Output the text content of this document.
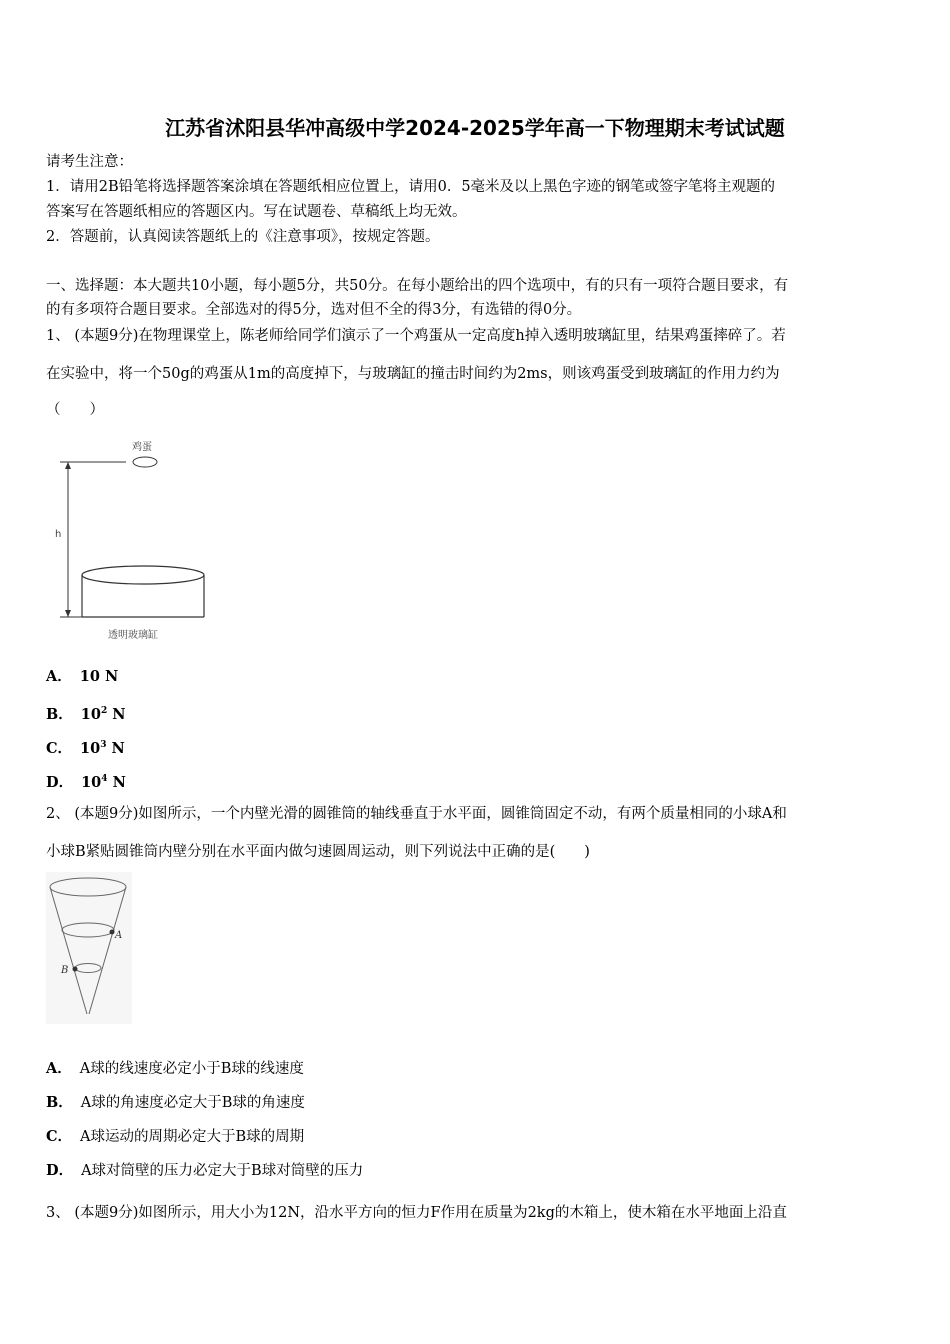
江苏省沭阳县华冲高级中学2024-2025学年高一下物理期末考试试题
请考生注意：
1．请用2B铅笔将选择题答案涂填在答题纸相应位置上，请用0．5毫米及以上黑色字迹的钢笔或签字笔将主观题的
答案写在答题纸相应的答题区内。写在试题卷、草稿纸上均无效。
2．答题前，认真阅读答题纸上的《注意事项》，按规定答题。
一、选择题：本大题共10小题，每小题5分，共50分。在每小题给出的四个选项中，有的只有一项符合题目要求，有
的有多项符合题目要求。全部选对的得5分，选对但不全的得3分，有选错的得0分。
1、 (本题9分)在物理课堂上，陈老师给同学们演示了一个鸡蛋从一定高度h掉入透明玻璃缸里，结果鸡蛋摔碎了。若
在实验中，将一个50g的鸡蛋从1m的高度掉下，与玻璃缸的撞击时间约为2ms，则该鸡蛋受到玻璃缸的作用力约为
（　　）
鸡蛋
h
透明玻璃缸
A． 10 N
B． $10^2$ N
C． $10^3$ N
D． $10^4$ N
2、 (本题9分)如图所示，一个内壁光滑的圆锥筒的轴线垂直于水平面，圆锥筒固定不动，有两个质量相同的小球A和
小球B紧贴圆锥筒内壁分别在水平面内做匀速圆周运动，则下列说法中正确的是(　　)
A
B
A． A球的线速度必定小于B球的线速度
B． A球的角速度必定大于B球的角速度
C． A球运动的周期必定大于B球的周期
D． A球对筒壁的压力必定大于B球对筒壁的压力
3、 (本题9分)如图所示，用大小为12N，沿水平方向的恒力F作用在质量为2kg的木箱上，使木箱在水平地面上沿直
